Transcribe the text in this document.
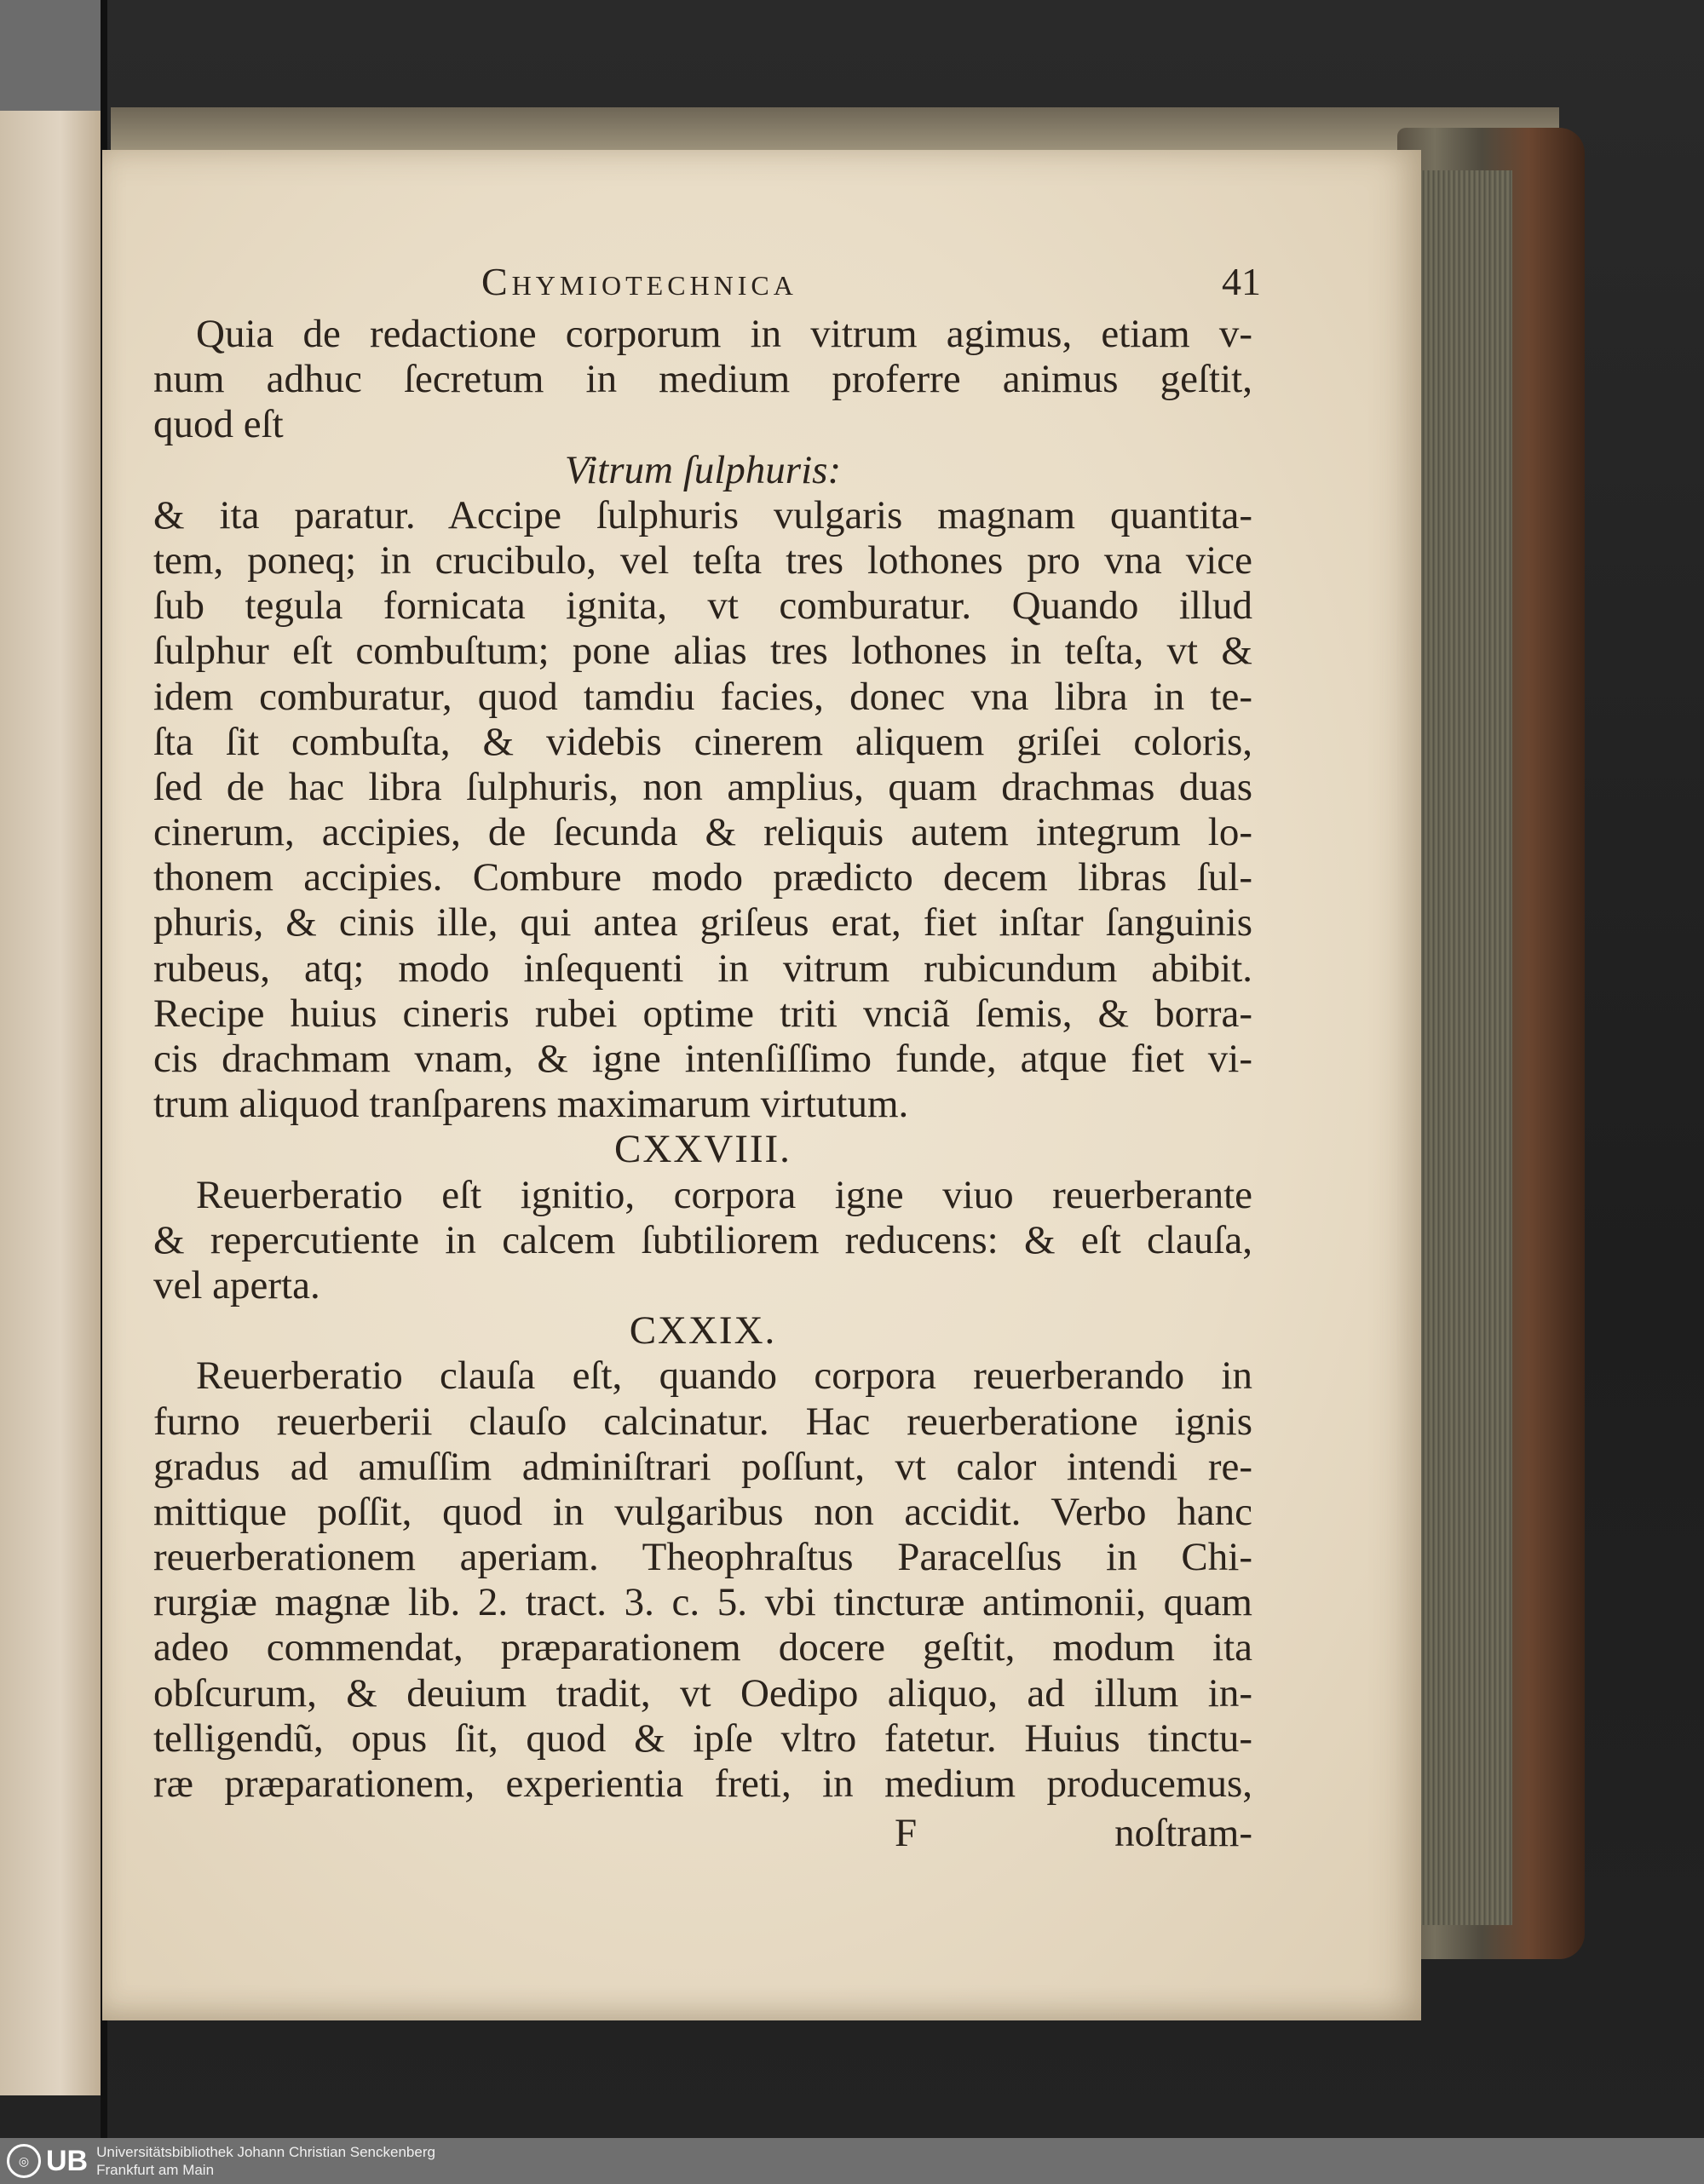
Chymiotechnica	41
Quia de redactione corporum in vitrum agimus, etiam v-
num adhuc ſecretum in medium proferre animus geſtit,
quod eſt
Vitrum ſulphuris:
& ita paratur. Accipe ſulphuris vulgaris magnam quantita-
tem, poneq; in crucibulo, vel teſta tres lothones pro vna vice
ſub tegula fornicata ignita, vt comburatur. Quando illud
ſulphur eſt combuſtum; pone alias tres lothones in teſta, vt &
idem comburatur, quod tamdiu facies, donec vna libra in te-
ſta ſit combuſta, & videbis cinerem aliquem griſei coloris,
ſed de hac libra ſulphuris, non amplius, quam drachmas duas
cinerum, accipies, de ſecunda & reliquis autem integrum lo-
thonem accipies. Combure modo prædicto decem libras ſul-
phuris, & cinis ille, qui antea griſeus erat, fiet inſtar ſanguinis
rubeus, atq; modo inſequenti in vitrum rubicundum abibit.
Recipe huius cineris rubei optime triti vnciã ſemis, & borra-
cis drachmam vnam, & igne intenſiſſimo funde, atque fiet vi-
trum aliquod tranſparens maximarum virtutum.
CXXVIII.
Reuerberatio eſt ignitio, corpora igne viuo reuerberante
& repercutiente in calcem ſubtiliorem reducens: & eſt clauſa,
vel aperta.
CXXIX.
Reuerberatio clauſa eſt, quando corpora reuerberando in
furno reuerberii clauſo calcinatur. Hac reuerberatione ignis
gradus ad amuſſim adminiſtrari poſſunt, vt calor intendi re-
mittique poſſit, quod in vulgaribus non accidit. Verbo hanc
reuerberationem aperiam. Theophraſtus Paracelſus in Chi-
rurgiæ magnæ lib. 2. tract. 3. c. 5. vbi tincturæ antimonii, quam
adeo commendat, præparationem docere geſtit, modum ita
obſcurum, & deuium tradit, vt Oedipo aliquo, ad illum in-
telligendũ, opus ſit, quod & ipſe vltro fatetur. Huius tinctu-
ræ præparationem, experientia freti, in medium producemus,
F	noſtram-
◎ UB Universitätsbibliothek Johann Christian Senckenberg
Frankfurt am Main
